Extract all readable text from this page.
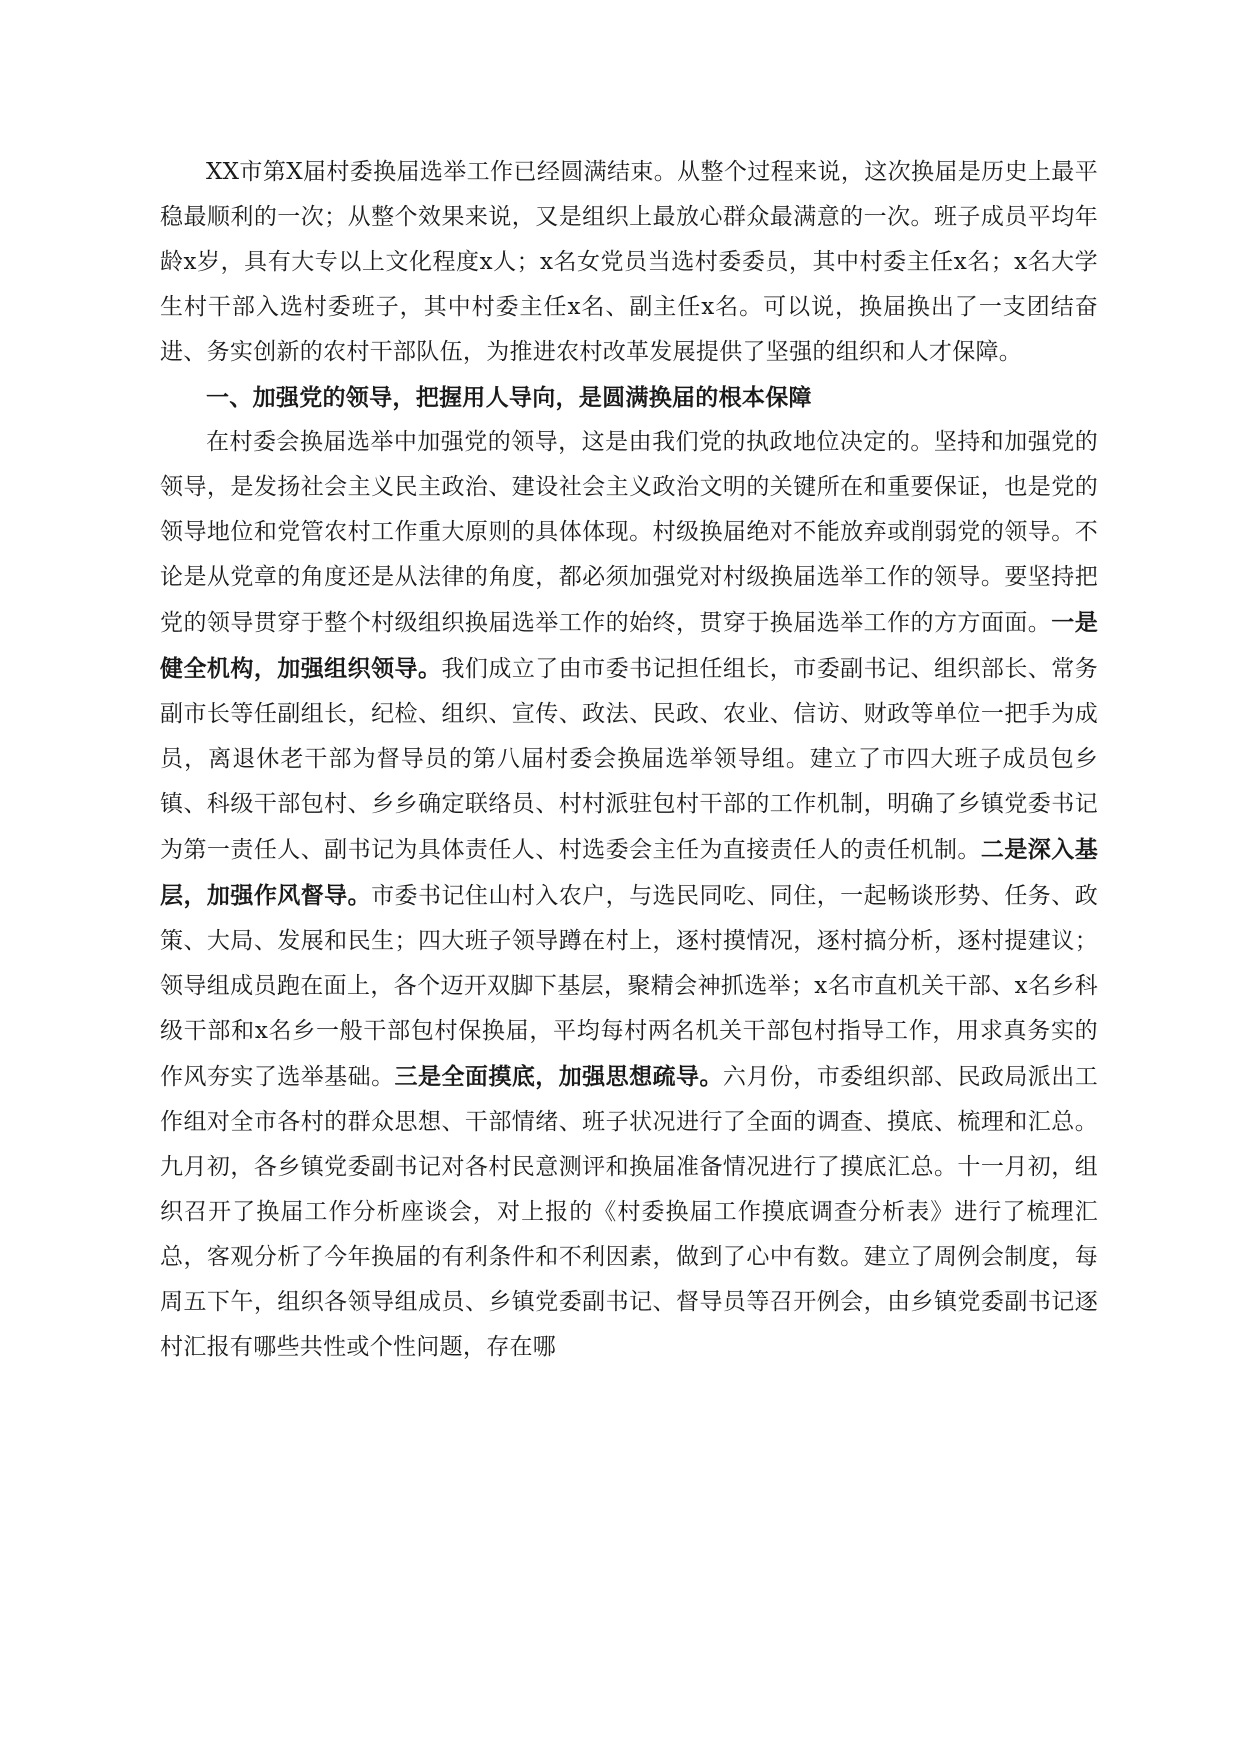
XX市第X届村委换届选举工作已经圆满结束。从整个过程来说，这次换届是历史上最平稳最顺利的一次；从整个效果来说，又是组织上最放心群众最满意的一次。班子成员平均年龄x岁，具有大专以上文化程度x人；x名女党员当选村委委员，其中村委主任x名；x名大学生村干部入选村委班子，其中村委主任x名、副主任x名。可以说，换届换出了一支团结奋进、务实创新的农村干部队伍，为推进农村改革发展提供了坚强的组织和人才保障。

一、加强党的领导，把握用人导向，是圆满换届的根本保障

在村委会换届选举中加强党的领导，这是由我们党的执政地位决定的。坚持和加强党的领导，是发扬社会主义民主政治、建设社会主义政治文明的关键所在和重要保证，也是党的领导地位和党管农村工作重大原则的具体体现。村级换届绝对不能放弃或削弱党的领导。不论是从党章的角度还是从法律的角度，都必须加强党对村级换届选举工作的领导。要坚持把党的领导贯穿于整个村级组织换届选举工作的始终，贯穿于换届选举工作的方方面面。一是健全机构，加强组织领导。我们成立了由市委书记担任组长，市委副书记、组织部长、常务副市长等任副组长，纪检、组织、宣传、政法、民政、农业、信访、财政等单位一把手为成员，离退休老干部为督导员的第八届村委会换届选举领导组。建立了市四大班子成员包乡镇、科级干部包村、乡乡确定联络员、村村派驻包村干部的工作机制，明确了乡镇党委书记为第一责任人、副书记为具体责任人、村选委会主任为直接责任人的责任机制。二是深入基层，加强作风督导。市委书记住山村入农户，与选民同吃、同住，一起畅谈形势、任务、政策、大局、发展和民生；四大班子领导蹲在村上，逐村摸情况，逐村搞分析，逐村提建议；领导组成员跑在面上，各个迈开双脚下基层，聚精会神抓选举；x名市直机关干部、x名乡科级干部和x名乡一般干部包村保换届，平均每村两名机关干部包村指导工作，用求真务实的作风夯实了选举基础。三是全面摸底，加强思想疏导。六月份，市委组织部、民政局派出工作组对全市各村的群众思想、干部情绪、班子状况进行了全面的调查、摸底、梳理和汇总。九月初，各乡镇党委副书记对各村民意测评和换届准备情况进行了摸底汇总。十一月初，组织召开了换届工作分析座谈会，对上报的《村委换届工作摸底调查分析表》进行了梳理汇总，客观分析了今年换届的有利条件和不利因素，做到了心中有数。建立了周例会制度，每周五下午，组织各领导组成员、乡镇党委副书记、督导员等召开例会，由乡镇党委副书记逐村汇报有哪些共性或个性问题，存在哪
